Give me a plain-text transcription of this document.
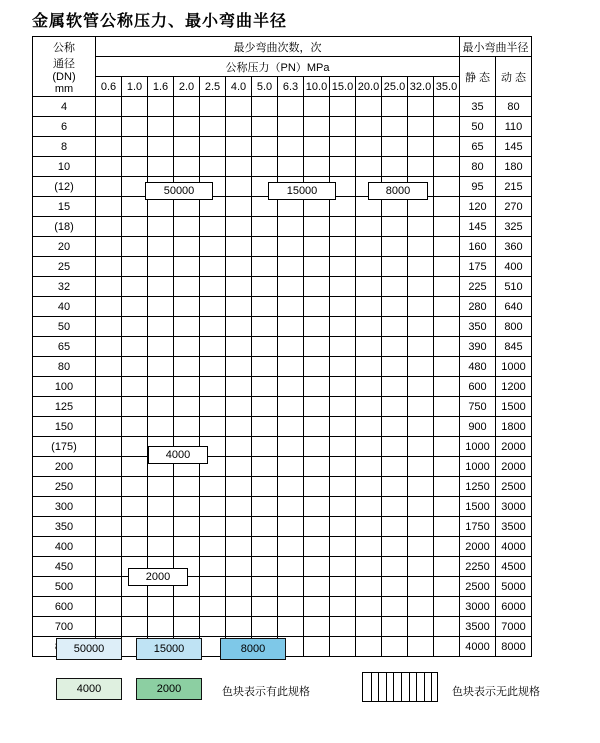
金属软管公称压力、最小弯曲半径
公称
通径
(DN)
mm	最少弯曲次数，次														最小弯曲半径	
	公称压力（PN）MPa														静 态	动 态
	0.6	1.0	1.6	2.0	2.5	4.0	5.0	6.3	10.0	15.0	20.0	25.0	32.0	35.0		
4															35	80
6															50	110
8															65	145
10															80	180
(12)															95	215
15															120	270
(18)															145	325
20															160	360
25															175	400
32															225	510
40															280	640
50															350	800
65															390	845
80															480	1000
100															600	1200
125															750	1500
150															900	1800
(175)															1000	2000
200															1000	2000
250															1250	2500
300															1500	3000
350															1750	3500
400															2000	4000
450															2250	4500
500															2500	5000
600															3000	6000
700															3500	7000
															4000	8000
50000	15000	8000
4000
2000
50000	15000	8000
4000	2000	色块表示有此规格	色块表示无此规格
